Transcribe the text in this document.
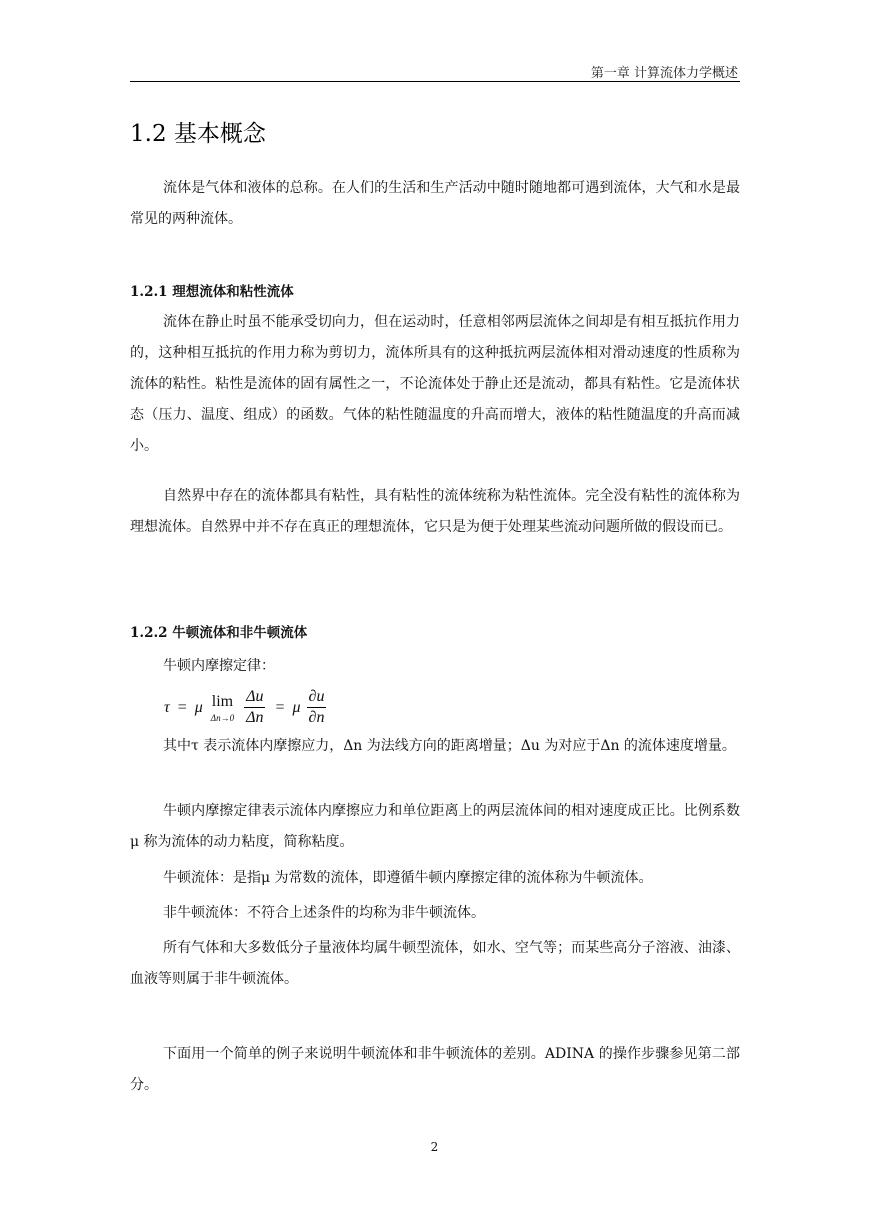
第一章 计算流体力学概述
1.2 基本概念

流体是气体和液体的总称。在人们的生活和生产活动中随时随地都可遇到流体，大气和水是最常见的两种流体。

1.2.1 理想流体和粘性流体

流体在静止时虽不能承受切向力，但在运动时，任意相邻两层流体之间却是有相互抵抗作用力的，这种相互抵抗的作用力称为剪切力，流体所具有的这种抵抗两层流体相对滑动速度的性质称为流体的粘性。粘性是流体的固有属性之一，不论流体处于静止还是流动，都具有粘性。它是流体状态（压力、温度、组成）的函数。气体的粘性随温度的升高而增大，液体的粘性随温度的升高而减小。

自然界中存在的流体都具有粘性，具有粘性的流体统称为粘性流体。完全没有粘性的流体称为理想流体。自然界中并不存在真正的理想流体，它只是为便于处理某些流动问题所做的假设而已。

1.2.2 牛顿流体和非牛顿流体

牛顿内摩擦定律：

τ = μ lim
Δn→0
$\frac{\Delta u}{\Delta n} = \mu \frac{\partial u}{\partial n}$

其中τ 表示流体内摩擦应力，Δn 为法线方向的距离增量；Δu 为对应于Δn 的流体速度增量。

牛顿内摩擦定律表示流体内摩擦应力和单位距离上的两层流体间的相对速度成正比。比例系数μ 称为流体的动力粘度，简称粘度。

牛顿流体：是指μ 为常数的流体，即遵循牛顿内摩擦定律的流体称为牛顿流体。

非牛顿流体：不符合上述条件的均称为非牛顿流体。

所有气体和大多数低分子量液体均属牛顿型流体，如水、空气等；而某些高分子溶液、油漆、血液等则属于非牛顿流体。

下面用一个简单的例子来说明牛顿流体和非牛顿流体的差别。ADINA 的操作步骤参见第二部分。

2
